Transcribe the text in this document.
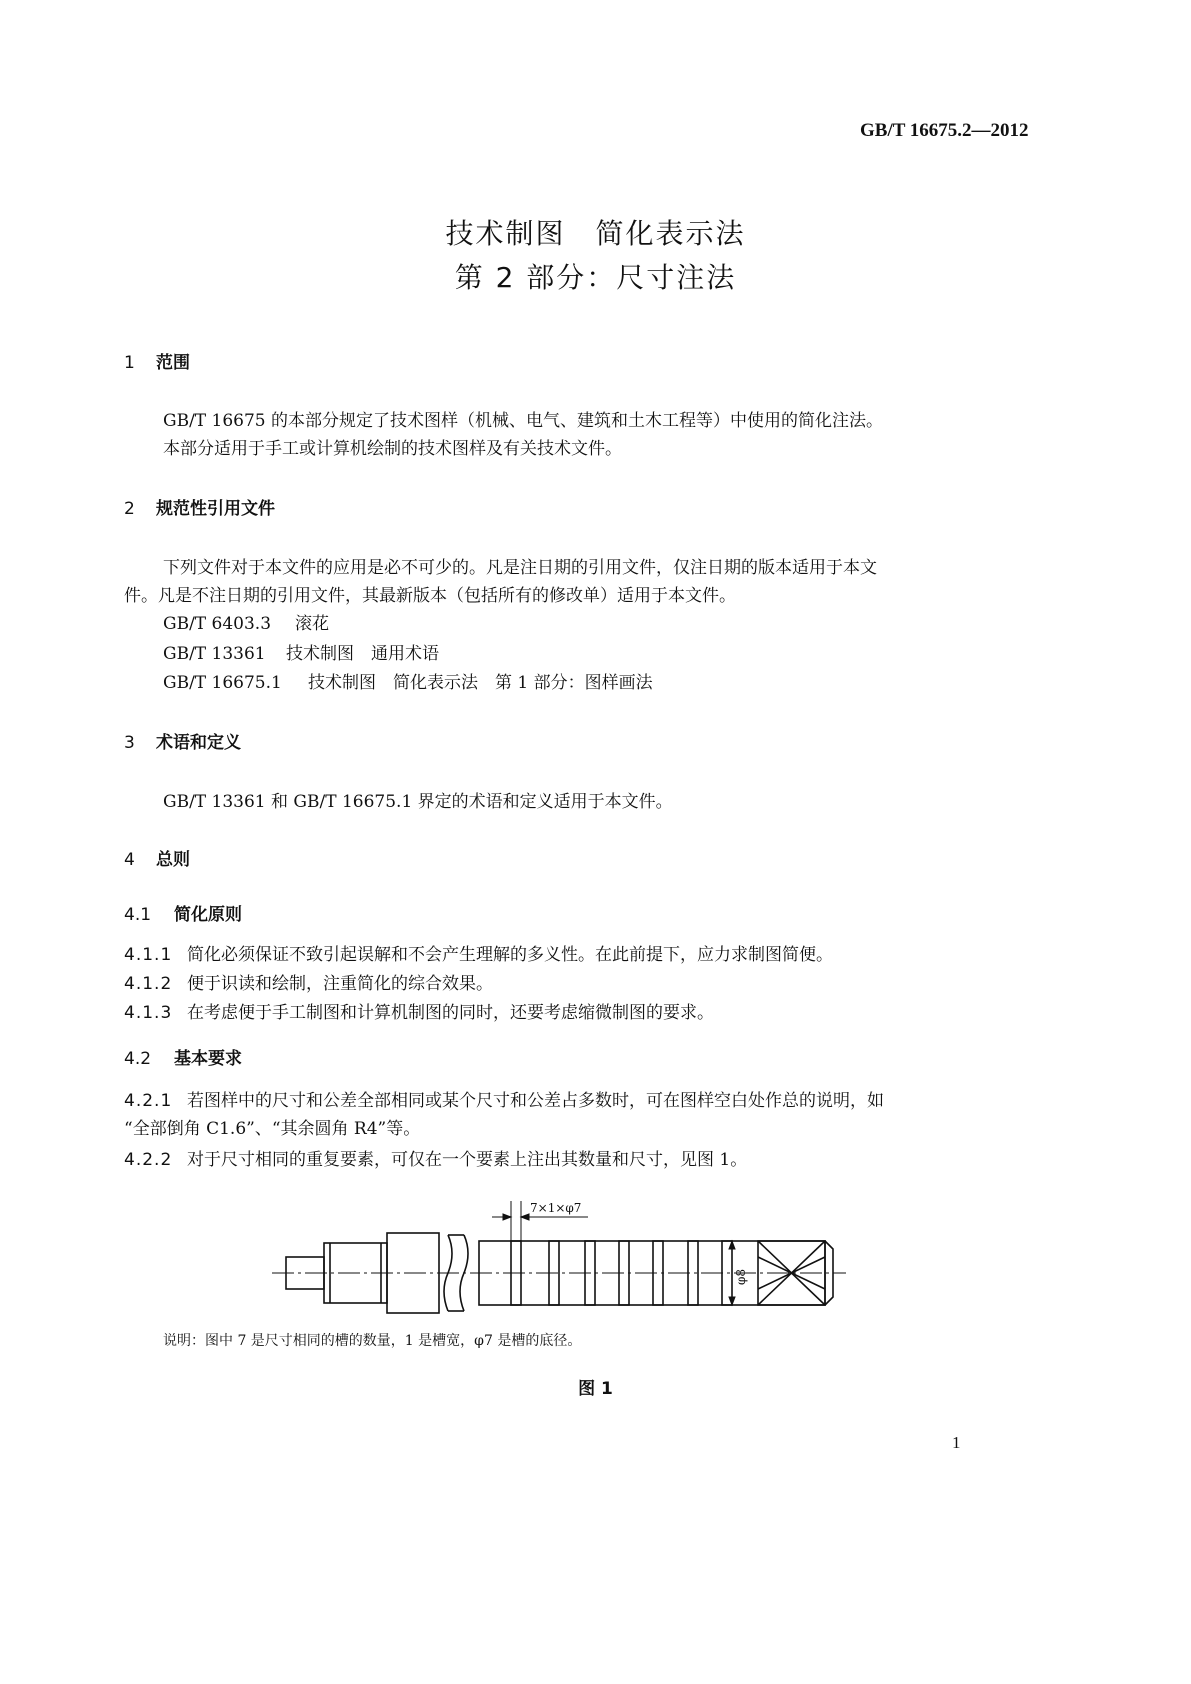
GB/T 16675.2—2012
技术制图　简化表示法
第 2 部分：尺寸注法
1 范围
GB/T 16675 的本部分规定了技术图样（机械、电气、建筑和土木工程等）中使用的简化注法。
本部分适用于手工或计算机绘制的技术图样及有关技术文件。
2 规范性引用文件
下列文件对于本文件的应用是必不可少的。凡是注日期的引用文件，仅注日期的版本适用于本文
件。凡是不注日期的引用文件，其最新版本（包括所有的修改单）适用于本文件。
GB/T 6403.3 滚花
GB/T 13361 技术制图　通用术语
GB/T 16675.1 技术制图　简化表示法　第 1 部分：图样画法
3 术语和定义
GB/T 13361 和 GB/T 16675.1 界定的术语和定义适用于本文件。
4 总则
4.1 简化原则
4.1.1 简化必须保证不致引起误解和不会产生理解的多义性。在此前提下，应力求制图简便。
4.1.2 便于识读和绘制，注重简化的综合效果。
4.1.3 在考虑便于手工制图和计算机制图的同时，还要考虑缩微制图的要求。
4.2 基本要求
4.2.1 若图样中的尺寸和公差全部相同或某个尺寸和公差占多数时，可在图样空白处作总的说明，如
“全部倒角 C1.6”、“其余圆角 R4”等。
4.2.2 对于尺寸相同的重复要素，可仅在一个要素上注出其数量和尺寸，见图 1。
7×1×φ7
φ8
说明：图中 7 是尺寸相同的槽的数量，1 是槽宽，φ7 是槽的底径。
图 1
1
